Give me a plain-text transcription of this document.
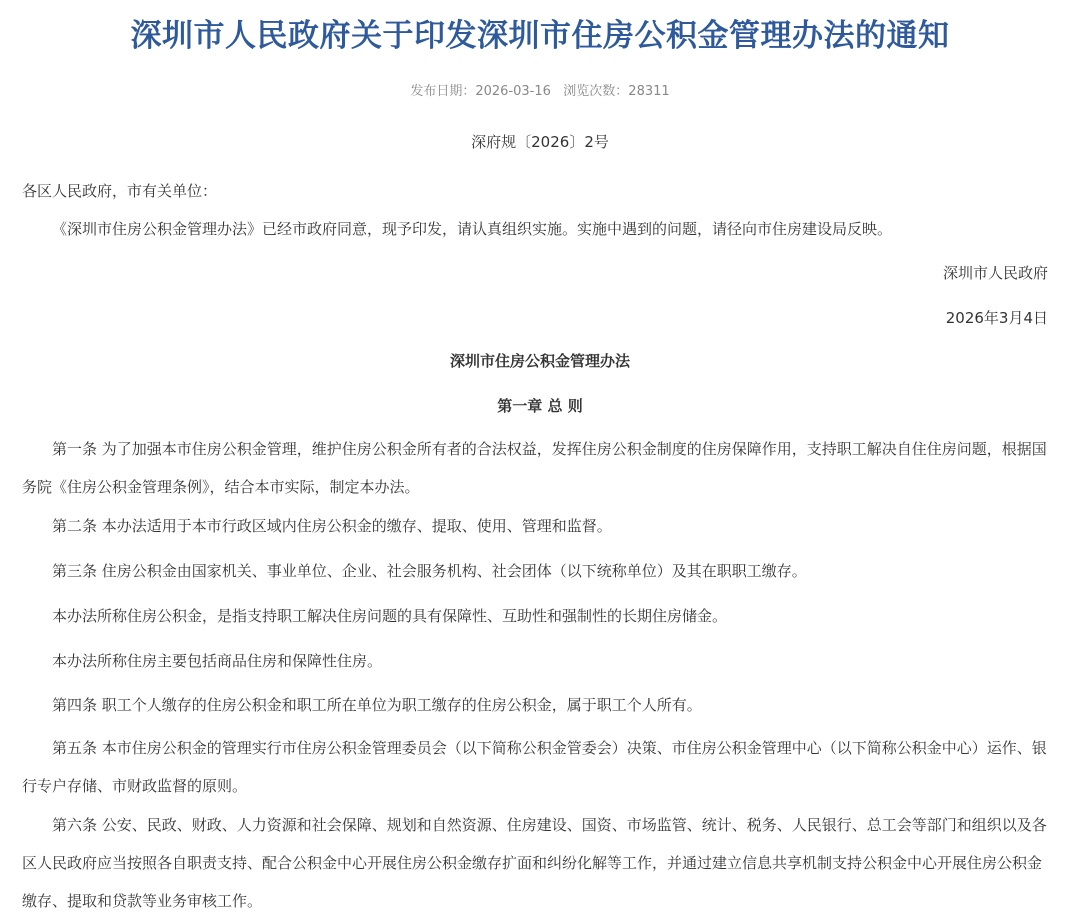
深圳市人民政府关于印发深圳市住房公积金管理办法的通知
发布日期：2026-03-16 浏览次数：28311
深府规〔2026〕2号
各区人民政府，市有关单位：
《深圳市住房公积金管理办法》已经市政府同意，现予印发，请认真组织实施。实施中遇到的问题，请径向市住房建设局反映。
深圳市人民政府
2026年3月4日
深圳市住房公积金管理办法
第一章 总 则
第一条 为了加强本市住房公积金管理，维护住房公积金所有者的合法权益，发挥住房公积金制度的住房保障作用，支持职工解决自住住房问题，根据国务院《住房公积金管理条例》，结合本市实际，制定本办法。
第二条 本办法适用于本市行政区域内住房公积金的缴存、提取、使用、管理和监督。
第三条 住房公积金由国家机关、事业单位、企业、社会服务机构、社会团体（以下统称单位）及其在职职工缴存。
本办法所称住房公积金，是指支持职工解决住房问题的具有保障性、互助性和强制性的长期住房储金。
本办法所称住房主要包括商品住房和保障性住房。
第四条 职工个人缴存的住房公积金和职工所在单位为职工缴存的住房公积金，属于职工个人所有。
第五条 本市住房公积金的管理实行市住房公积金管理委员会（以下简称公积金管委会）决策、市住房公积金管理中心（以下简称公积金中心）运作、银行专户存储、市财政监督的原则。
第六条 公安、民政、财政、人力资源和社会保障、规划和自然资源、住房建设、国资、市场监管、统计、税务、人民银行、总工会等部门和组织以及各区人民政府应当按照各自职责支持、配合公积金中心开展住房公积金缴存扩面和纠纷化解等工作，并通过建立信息共享机制支持公积金中心开展住房公积金缴存、提取和贷款等业务审核工作。
